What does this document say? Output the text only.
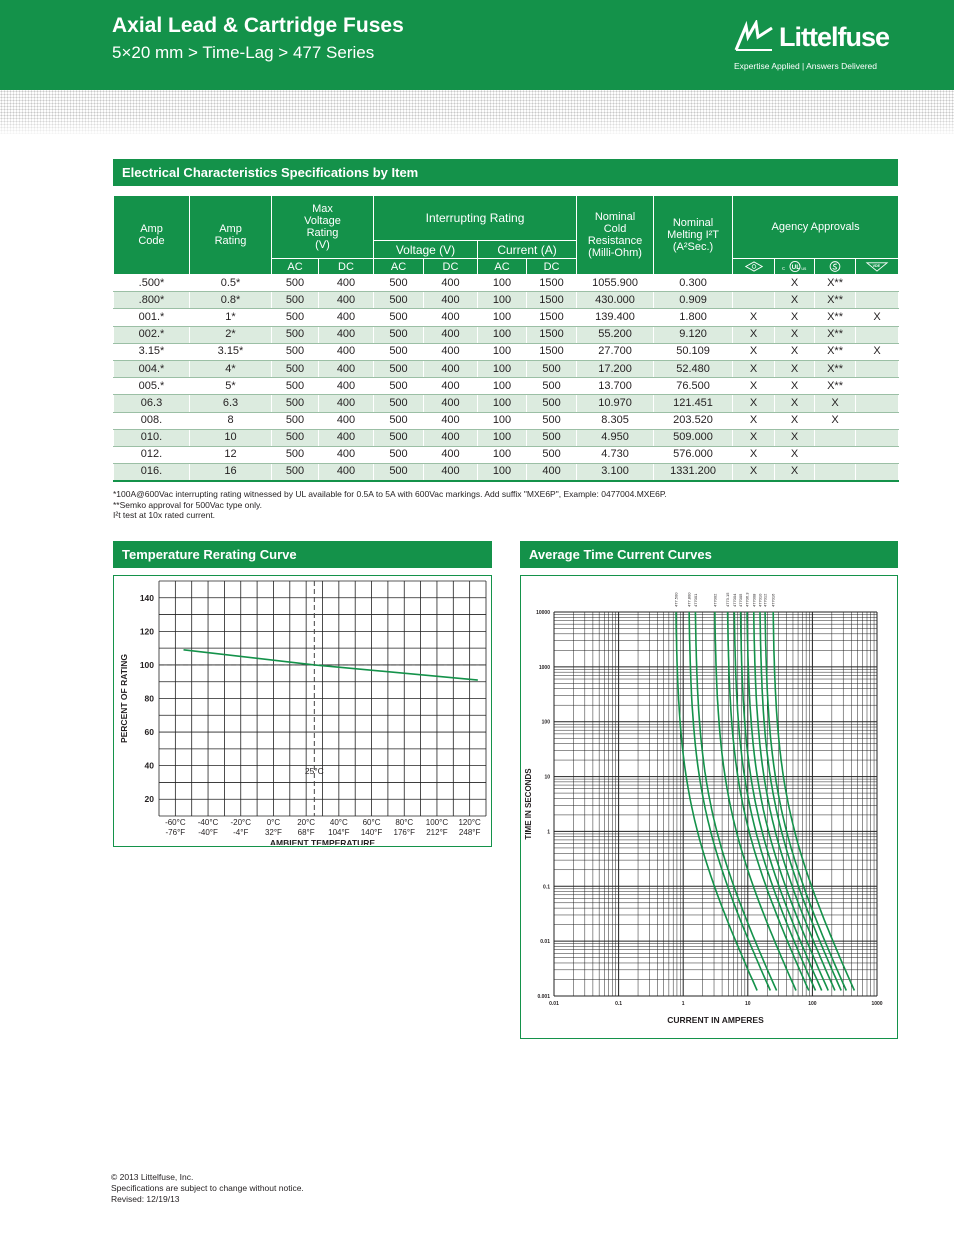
Axial Lead & Cartridge Fuses
5×20 mm > Time-Lag > 477 Series
Littelfuse
Expertise Applied | Answers Delivered
Electrical Characteristics Specifications by Item
Amp Code	Amp Rating	Max Voltage Rating (V)		Interrupting Rating				Nominal Cold Resistance (Milli-Ohm)	Nominal Melting I²T (A²Sec.)	Agency Approvals			
				Voltage (V)		Current (A)							
		AC	DC	AC	DC	AC	DC				c UL us		VDE

.500*	0.5*	500	400	500	400	100	1500	1055.900	0.300		X	X**	
.800*	0.8*	500	400	500	400	100	1500	430.000	0.909		X	X**	
001.*	1*	500	400	500	400	100	1500	139.400	1.800	X	X	X**	X
002.*	2*	500	400	500	400	100	1500	55.200	9.120	X	X	X**	
3.15*	3.15*	500	400	500	400	100	1500	27.700	50.109	X	X	X**	X
004.*	4*	500	400	500	400	100	500	17.200	52.480	X	X	X**	
005.*	5*	500	400	500	400	100	500	13.700	76.500	X	X	X**	
06.3	6.3	500	400	500	400	100	500	10.970	121.451	X	X	X	
008.	8	500	400	500	400	100	500	8.305	203.520	X	X	X	
010.	10	500	400	500	400	100	500	4.950	509.000	X	X		
012.	12	500	400	500	400	100	500	4.730	576.000	X	X		
016.	16	500	400	500	400	100	400	3.100	1331.200	X	X		
*100A@600Vac interrupting rating witnessed by UL available for 0.5A to 5A with 600Vac markings. Add suffix "MXE6P", Example: 0477004.MXE6P.
**Semko approval for 500Vac type only.
I²t test at 10x rated current.
Temperature Rerating Curve	Average Time Current Curves
25°C
140
120
100
80
60
40
20
-60°C
-76°F
-40°C
-40°F
-20°C
-4°F
0°C
32°F
20°C
68°F
40°C
104°F
60°C
140°F
80°C
176°F
100°C
212°F
120°C
248°F
AMBIENT TEMPERATURE
PERCENT OF RATING
477.500 477.800 477001	477002 4773.15 477004 477005 47706.3 477008 477010 477012 477016
10000
1000
100
10
1
0.1
0.01
0.001
0.01	0.1	1	10	100	1000
CURRENT IN AMPERES
TIME IN SECONDS
© 2013 Littelfuse, Inc.
Specifications are subject to change without notice.
Revised: 12/19/13
